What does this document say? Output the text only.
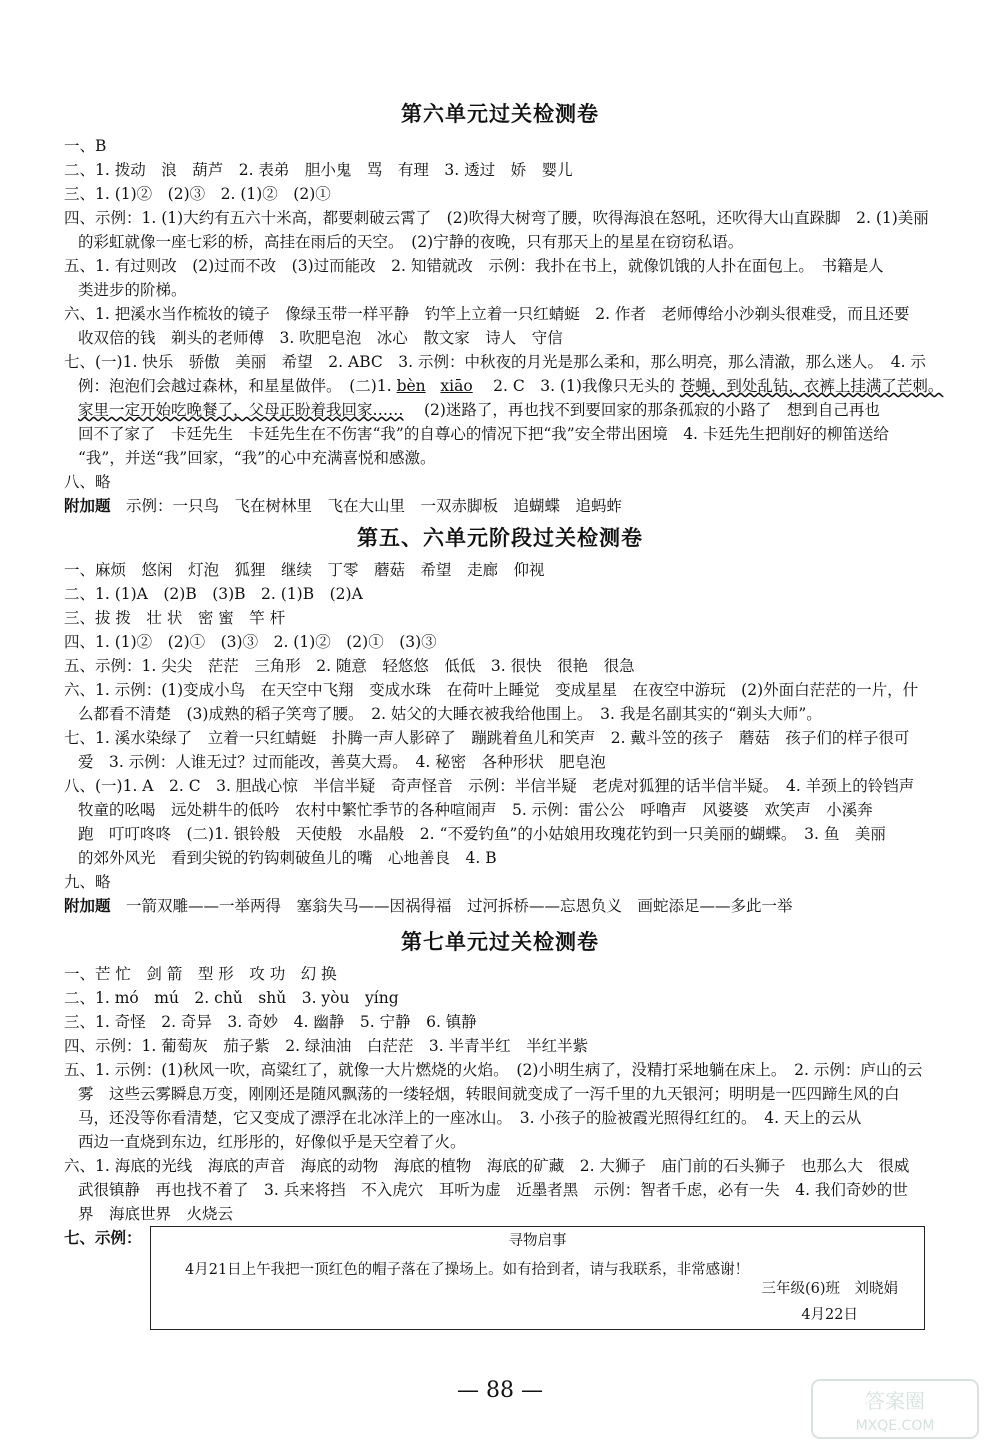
第六单元过关检测卷

一、B

二、1. 拨动　浪　葫芦　2. 表弟　胆小鬼　骂　有理　3. 透过　娇　婴儿

三、1. (1)②　(2)③　2. (1)②　(2)①

四、示例：1. (1)大约有五六十米高，都要刺破云霄了　(2)吹得大树弯了腰，吹得海浪在怒吼，还吹得大山直跺脚　2. (1)美丽

的彩虹就像一座七彩的桥，高挂在雨后的天空。　(2)宁静的夜晚，只有那天上的星星在窃窃私语。

五、1. 有过则改　(2)过而不改　(3)过而能改　2. 知错就改　示例：我扑在书上，就像饥饿的人扑在面包上。　书籍是人

类进步的阶梯。

六、1. 把溪水当作梳妆的镜子　像绿玉带一样平静　钓竿上立着一只红蜻蜓　2. 作者　老师傅给小沙剃头很难受，而且还要

收双倍的钱　剃头的老师傅　3. 吹肥皂泡　冰心　散文家　诗人　守信

七、(一)1. 快乐　骄傲　美丽　希望　2. ABC　3. 示例：中秋夜的月光是那么柔和，那么明亮，那么清澈，那么迷人。　4. 示

例：泡泡们会越过森林，和星星做伴。　(二)1. bèn xiāo 　2. C　3. (1)我像只无头的 苍蝇，到处乱钻，衣裤上挂满了芒刺。

家里一定开始吃晚餐了，父母正盼着我回家…… 　(2)迷路了，再也找不到要回家的那条孤寂的小路了　想到自己再也

回不了家了　卡廷先生　卡廷先生在不伤害“我”的自尊心的情况下把“我”安全带出困境　4. 卡廷先生把削好的柳笛送给

“我”，并送“我”回家，“我”的心中充满喜悦和感激。

八、略

附加题　示例：一只鸟　飞在树林里　飞在大山里　一双赤脚板　追蝴蝶　追蚂蚱

第五、六单元阶段过关检测卷

一、麻烦　悠闲　灯泡　狐狸　继续　丁零　蘑菇　希望　走廊　仰视

二、1. (1)A　(2)B　(3)B　2. (1)B　(2)A

三、拔 拨　壮 状　密 蜜　竿 杆

四、1. (1)②　(2)①　(3)③　2. (1)②　(2)①　(3)③

五、示例：1. 尖尖　茫茫　三角形　2. 随意　轻悠悠　低低　3. 很快　很艳　很急

六、1. 示例：(1)变成小鸟　在天空中飞翔　变成水珠　在荷叶上睡觉　变成星星　在夜空中游玩　(2)外面白茫茫的一片，什

么都看不清楚　(3)成熟的稻子笑弯了腰。　2. 姑父的大睡衣被我给他围上。　3. 我是名副其实的“剃头大师”。

七、1. 溪水染绿了　立着一只红蜻蜓　扑腾一声人影碎了　蹦跳着鱼儿和笑声　2. 戴斗笠的孩子　蘑菇　孩子们的样子很可

爱　3. 示例：人谁无过？过而能改，善莫大焉。　4. 秘密　各种形状　肥皂泡

八、(一)1. A　2. C　3. 胆战心惊　半信半疑　奇声怪音　示例：半信半疑　老虎对狐狸的话半信半疑。　4. 羊颈上的铃铛声

牧童的吆喝　远处耕牛的低吟　农村中繁忙季节的各种喧闹声　5. 示例：雷公公　呼噜声　风婆婆　欢笑声　小溪奔

跑　叮叮咚咚　(二)1. 银铃般　天使般　水晶般　2. “不爱钓鱼”的小姑娘用玫瑰花钓到一只美丽的蝴蝶。　3. 鱼　美丽

的郊外风光　看到尖锐的钓钩刺破鱼儿的嘴　心地善良　4. B

九、略

附加题　一箭双雕——一举两得　塞翁失马——因祸得福　过河拆桥——忘恩负义　画蛇添足——多此一举

第七单元过关检测卷

一、芒 忙　剑 箭　型 形　攻 功　幻 换

二、1. mó　mú　2. chǔ　shǔ　3. yòu　yíng

三、1. 奇怪　2. 奇异　3. 奇妙　4. 幽静　5. 宁静　6. 镇静

四、示例：1. 葡萄灰　茄子紫　2. 绿油油　白茫茫　3. 半青半红　半红半紫

五、1. 示例：(1)秋风一吹，高粱红了，就像一大片燃烧的火焰。　(2)小明生病了，没精打采地躺在床上。　2. 示例：庐山的云

雾　这些云雾瞬息万变，刚刚还是随风飘荡的一缕轻烟，转眼间就变成了一泻千里的九天银河；明明是一匹四蹄生风的白

马，还没等你看清楚，它又变成了漂浮在北冰洋上的一座冰山。　3. 小孩子的脸被霞光照得红红的。　4. 天上的云从

西边一直烧到东边，红彤彤的，好像似乎是天空着了火。

六、1. 海底的光线　海底的声音　海底的动物　海底的植物　海底的矿藏　2. 大狮子　庙门前的石头狮子　也那么大　很威

武很镇静　再也找不着了　3. 兵来将挡　不入虎穴　耳听为虚　近墨者黑　示例：智者千虑，必有一失　4. 我们奇妙的世

界　海底世界　火烧云

七、示例：	寻物启事
4月21日上午我把一顶红色的帽子落在了操场上。如有拾到者，请与我联系，非常感谢！
三年级(6)班　刘晓娟
4月22日
— 88 —	答案圈
MXQE.COM
